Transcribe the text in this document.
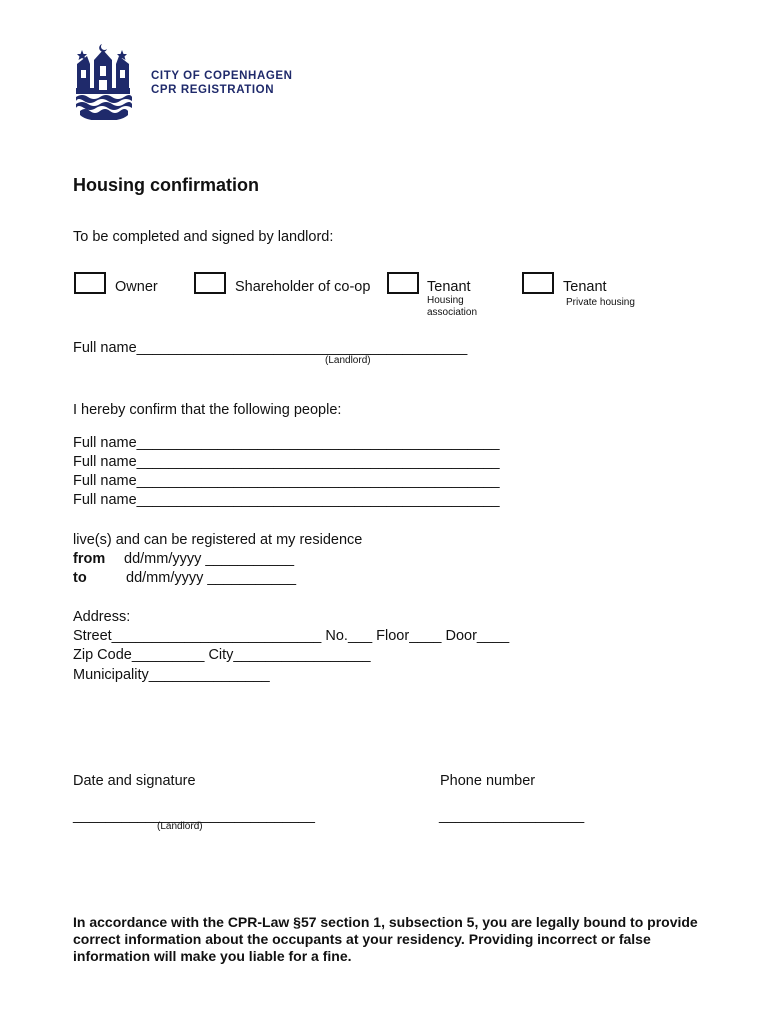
CITY OF COPENHAGEN
CPR REGISTRATION
Housing confirmation
To be completed and signed by landlord:
Owner	Shareholder of co-op	Tenant
Housing association
Tenant
Private housing
Full name_________________________________________
(Landlord)
I hereby confirm that the following people:
Full name_____________________________________________
Full name_____________________________________________
Full name_____________________________________________
Full name_____________________________________________
live(s) and can be registered at my residence
from dd/mm/yyyy ___________
to	dd/mm/yyyy ___________
Address:
Street__________________________ No.___ Floor____ Door____
Zip Code_________ City_________________
Municipality_______________
Date and signature
______________________________
(Landlord)
Phone number
__________________
In accordance with the CPR-Law §57 section 1, subsection 5, you are legally bound to provide correct information about the occupants at your residency. Providing incorrect or false information will make you liable for a fine.
